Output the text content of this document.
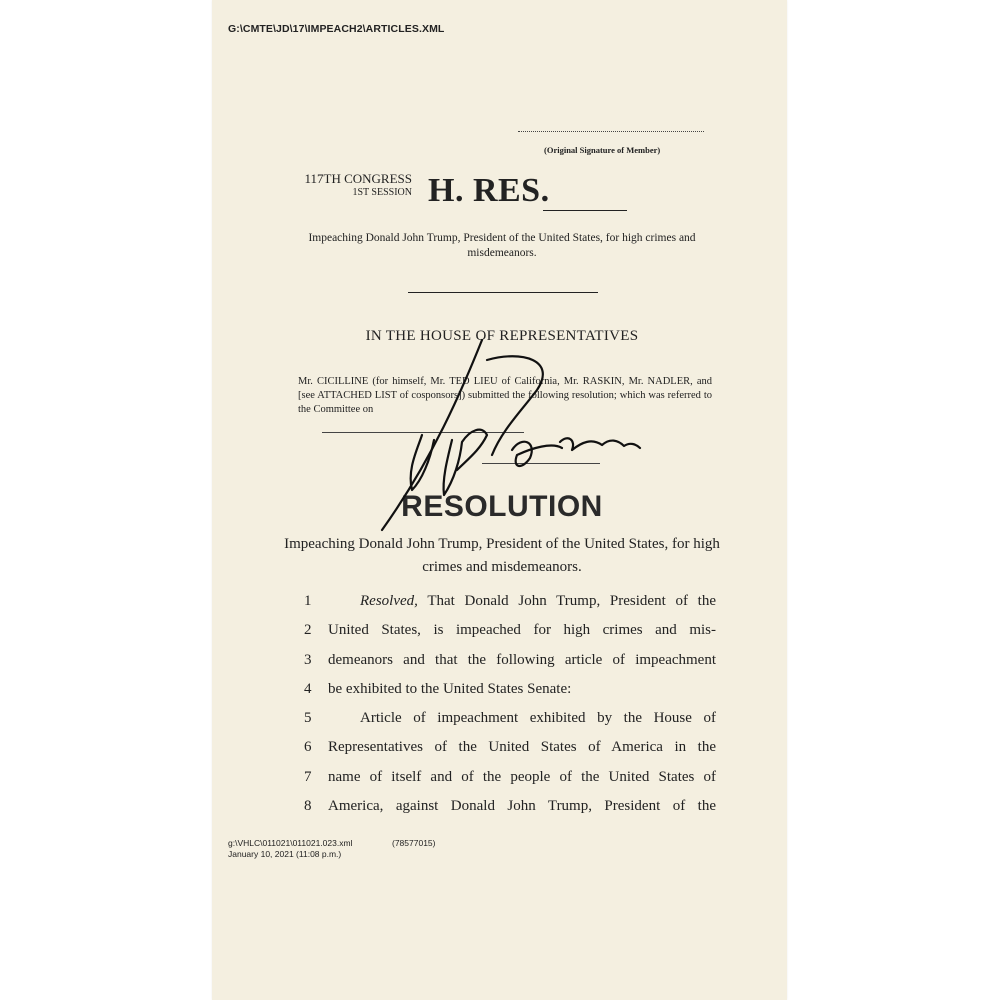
G:\CMTE\JD\17\IMPEACH2\ARTICLES.XML
(Original Signature of Member)
117TH CONGRESS
1ST SESSION H. RES.
Impeaching Donald John Trump, President of the United States, for high crimes and misdemeanors.
IN THE HOUSE OF REPRESENTATIVES
Mr. CICILLINE (for himself, Mr. TED LIEU of California, Mr. RASKIN, Mr. NADLER, and [see ATTACHED LIST of cosponsors]) submitted the following resolution; which was referred to the Committee on
RESOLUTION
Impeaching Donald John Trump, President of the United States, for high crimes and misdemeanors.
1	Resolved, That Donald John Trump, President of the
2	United States, is impeached for high crimes and mis-
3	demeanors and that the following article of impeachment
4	be exhibited to the United States Senate:
5	Article of impeachment exhibited by the House of
6	Representatives of the United States of America in the
7	name of itself and of the people of the United States of
8	America, against Donald John Trump, President of the
g:\VHLC\011021\011021.023.xml
January 10, 2021 (11:08 p.m.)
(78577015)
